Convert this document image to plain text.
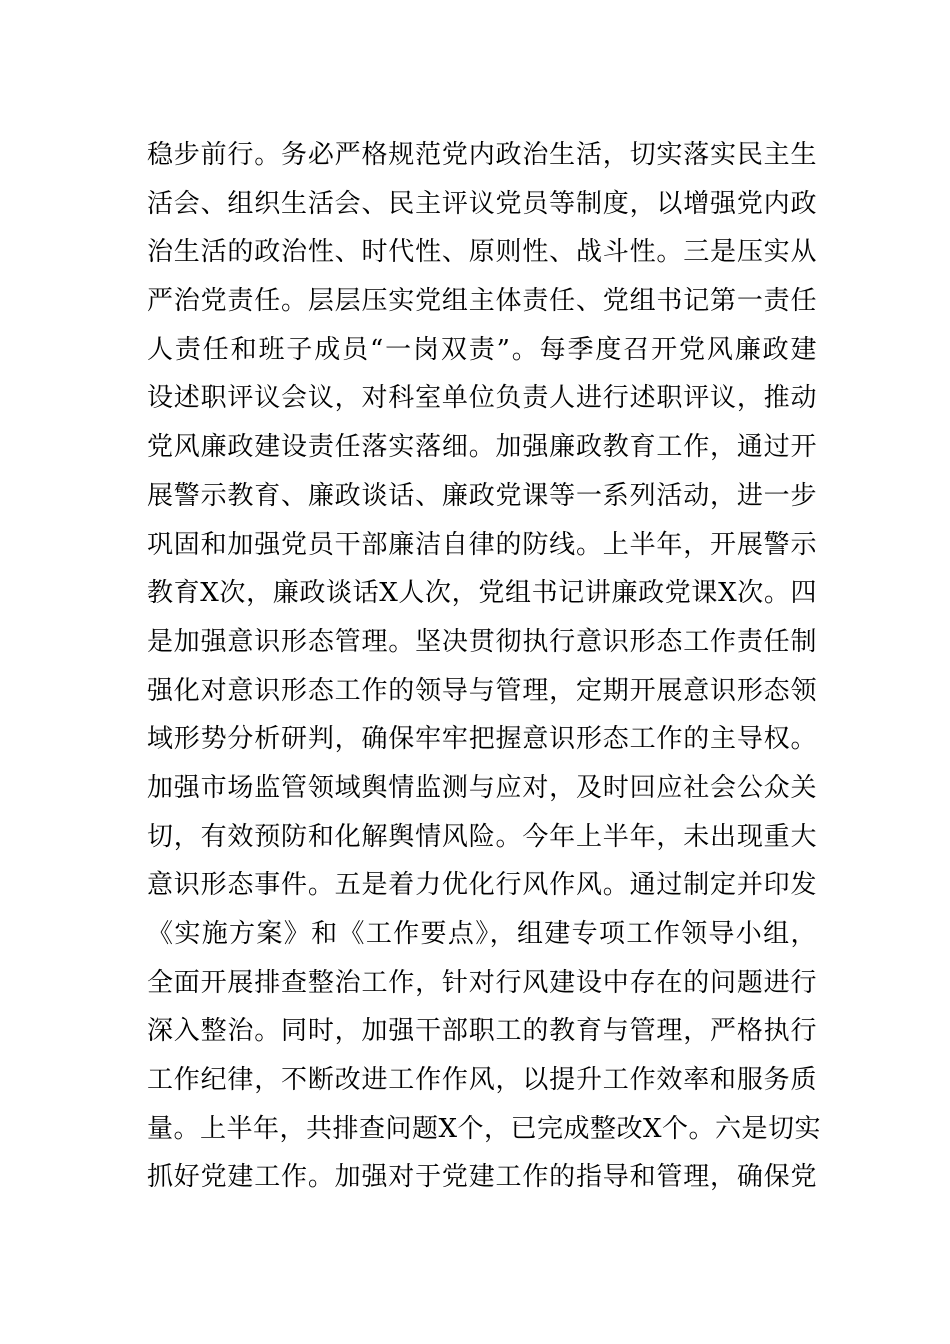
稳步前行。务必严格规范党内政治生活，切实落实民主生
活会、组织生活会、民主评议党员等制度，以增强党内政
治生活的政治性、时代性、原则性、战斗性。三是压实从
严治党责任。层层压实党组主体责任、党组书记第一责任
人责任和班子成员“一岗双责”。每季度召开党风廉政建
设述职评议会议，对科室单位负责人进行述职评议，推动
党风廉政建设责任落实落细。加强廉政教育工作，通过开
展警示教育、廉政谈话、廉政党课等一系列活动，进一步
巩固和加强党员干部廉洁自律的防线。上半年，开展警示
教育X次，廉政谈话X人次，党组书记讲廉政党课X次。四
是加强意识形态管理。坚决贯彻执行意识形态工作责任制
强化对意识形态工作的领导与管理，定期开展意识形态领
域形势分析研判，确保牢牢把握意识形态工作的主导权。
加强市场监管领域舆情监测与应对，及时回应社会公众关
切，有效预防和化解舆情风险。今年上半年，未出现重大
意识形态事件。五是着力优化行风作风。通过制定并印发
《实施方案》和《工作要点》，组建专项工作领导小组，
全面开展排查整治工作，针对行风建设中存在的问题进行
深入整治。同时，加强干部职工的教育与管理，严格执行
工作纪律，不断改进工作作风，以提升工作效率和服务质
量。上半年，共排查问题X个，已完成整改X个。六是切实
抓好党建工作。加强对于党建工作的指导和管理，确保党
